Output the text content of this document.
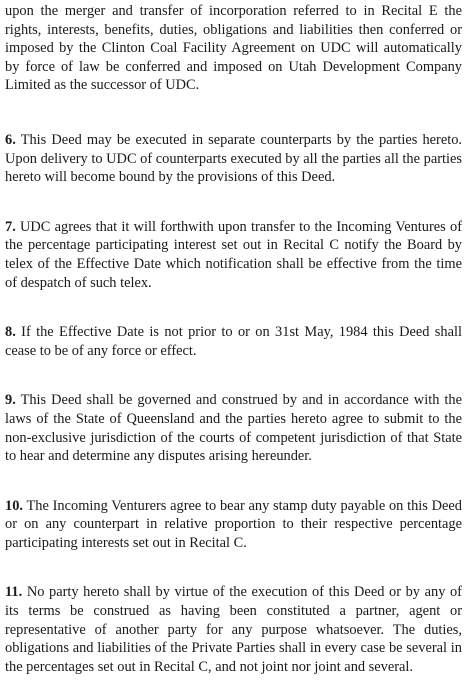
upon the merger and transfer of incorporation referred to in Recital E the rights, interests, benefits, duties, obligations and liabilities then conferred or imposed by the Clinton Coal Facility Agreement on UDC will automatically by force of law be conferred and imposed on Utah Development Company Limited as the successor of UDC.

6. This Deed may be executed in separate counterparts by the parties hereto. Upon delivery to UDC of counterparts executed by all the parties all the parties hereto will become bound by the provisions of this Deed.

7. UDC agrees that it will forthwith upon transfer to the Incoming Ventures of the percentage participating interest set out in Recital C notify the Board by telex of the Effective Date which notification shall be effective from the time of despatch of such telex.

8. If the Effective Date is not prior to or on 31st May, 1984 this Deed shall cease to be of any force or effect.

9. This Deed shall be governed and construed by and in accordance with the laws of the State of Queensland and the parties hereto agree to submit to the non-exclusive jurisdiction of the courts of competent jurisdiction of that State to hear and determine any disputes arising hereunder.

10. The Incoming Venturers agree to bear any stamp duty payable on this Deed or on any counterpart in relative proportion to their respective percentage participating interests set out in Recital C.

11. No party hereto shall by virtue of the execution of this Deed or by any of its terms be construed as having been constituted a partner, agent or representative of another party for any purpose whatsoever. The duties, obligations and liabilities of the Private Parties shall in every case be several in the percentages set out in Recital C, and not joint nor joint and several.
